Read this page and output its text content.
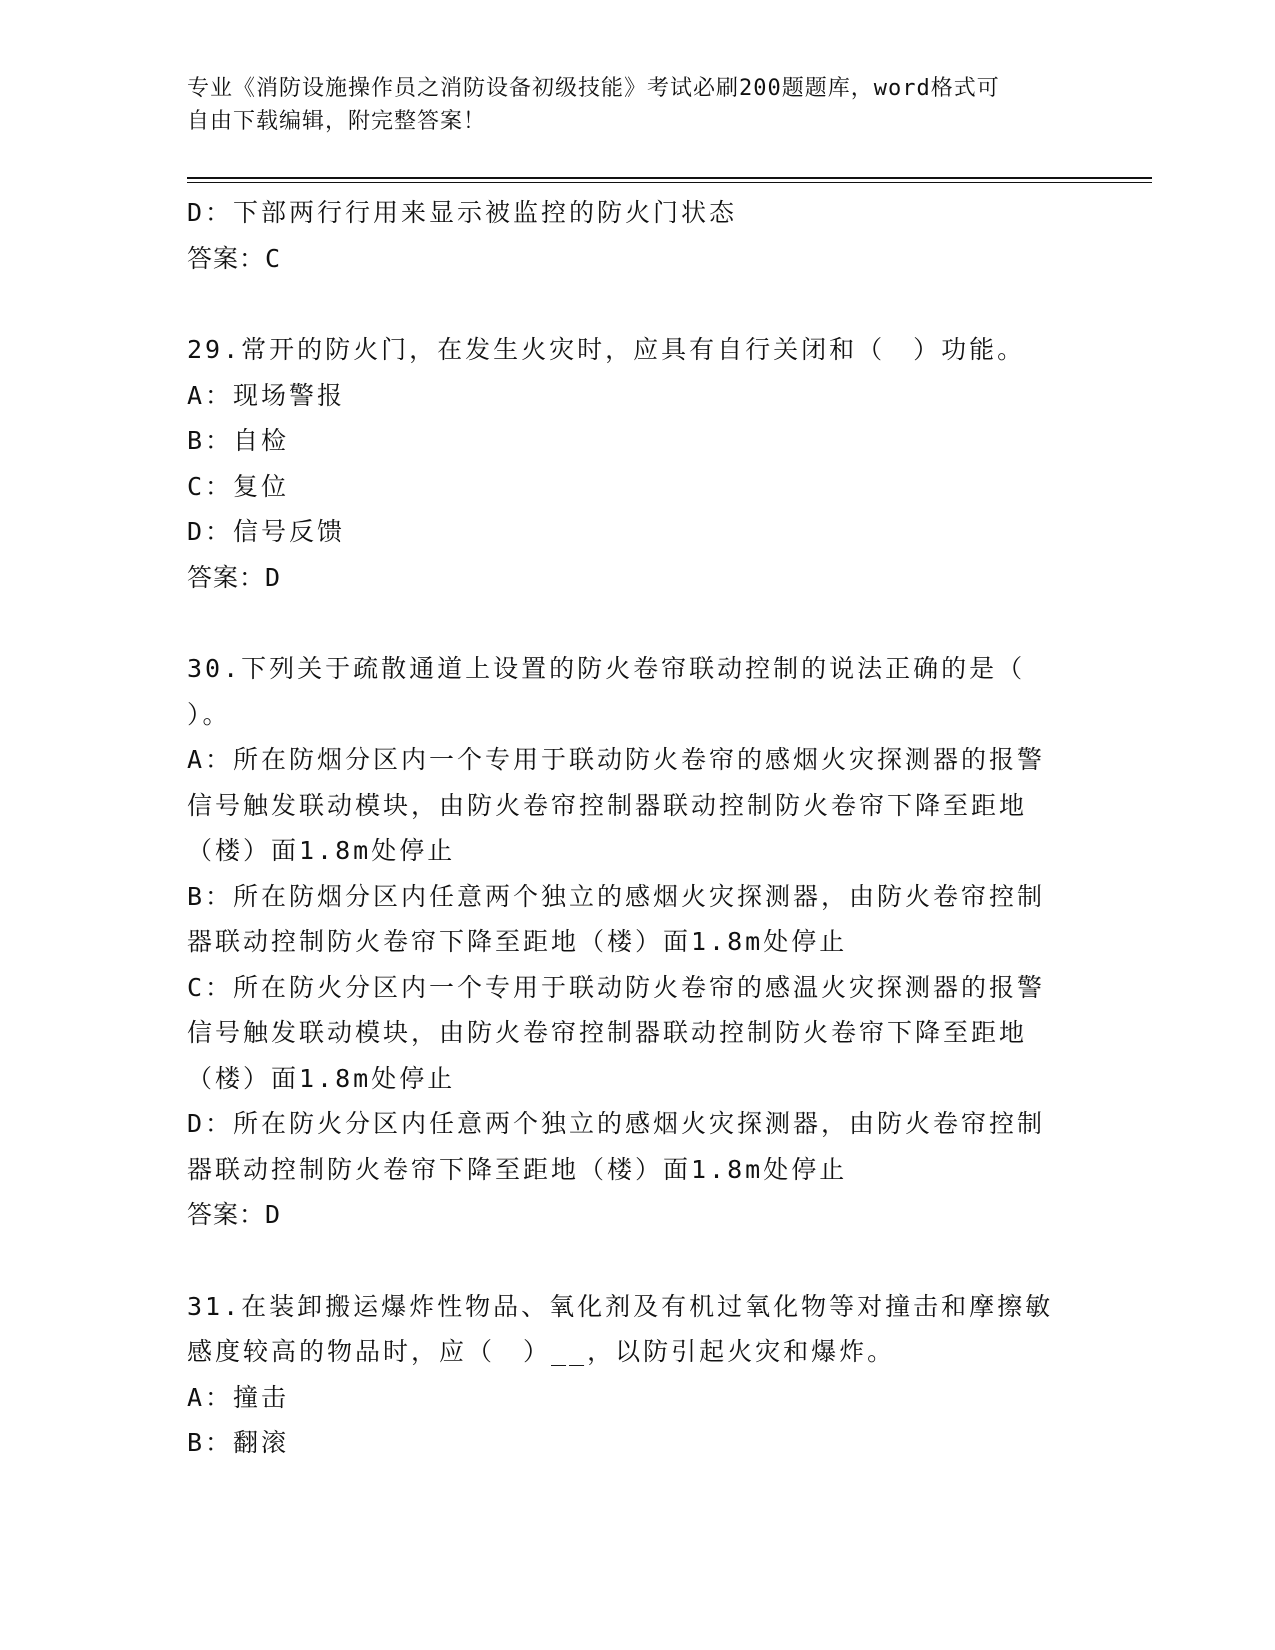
专业《消防设施操作员之消防设备初级技能》考试必刷200题题库，word格式可
自由下载编辑，附完整答案！
D：下部两行行用来显示被监控的防火门状态
答案：C
29.常开的防火门，在发生火灾时，应具有自行关闭和（　）功能。
A：现场警报
B：自检
C：复位
D：信号反馈
答案：D
30.下列关于疏散通道上设置的防火卷帘联动控制的说法正确的是（
）。
A：所在防烟分区内一个专用于联动防火卷帘的感烟火灾探测器的报警
信号触发联动模块，由防火卷帘控制器联动控制防火卷帘下降至距地
（楼）面1.8m处停止
B：所在防烟分区内任意两个独立的感烟火灾探测器，由防火卷帘控制
器联动控制防火卷帘下降至距地（楼）面1.8m处停止
C：所在防火分区内一个专用于联动防火卷帘的感温火灾探测器的报警
信号触发联动模块，由防火卷帘控制器联动控制防火卷帘下降至距地
（楼）面1.8m处停止
D：所在防火分区内任意两个独立的感烟火灾探测器，由防火卷帘控制
器联动控制防火卷帘下降至距地（楼）面1.8m处停止
答案：D
31.在装卸搬运爆炸性物品、氧化剂及有机过氧化物等对撞击和摩擦敏
感度较高的物品时，应（　）__，以防引起火灾和爆炸。
A：撞击
B：翻滚
